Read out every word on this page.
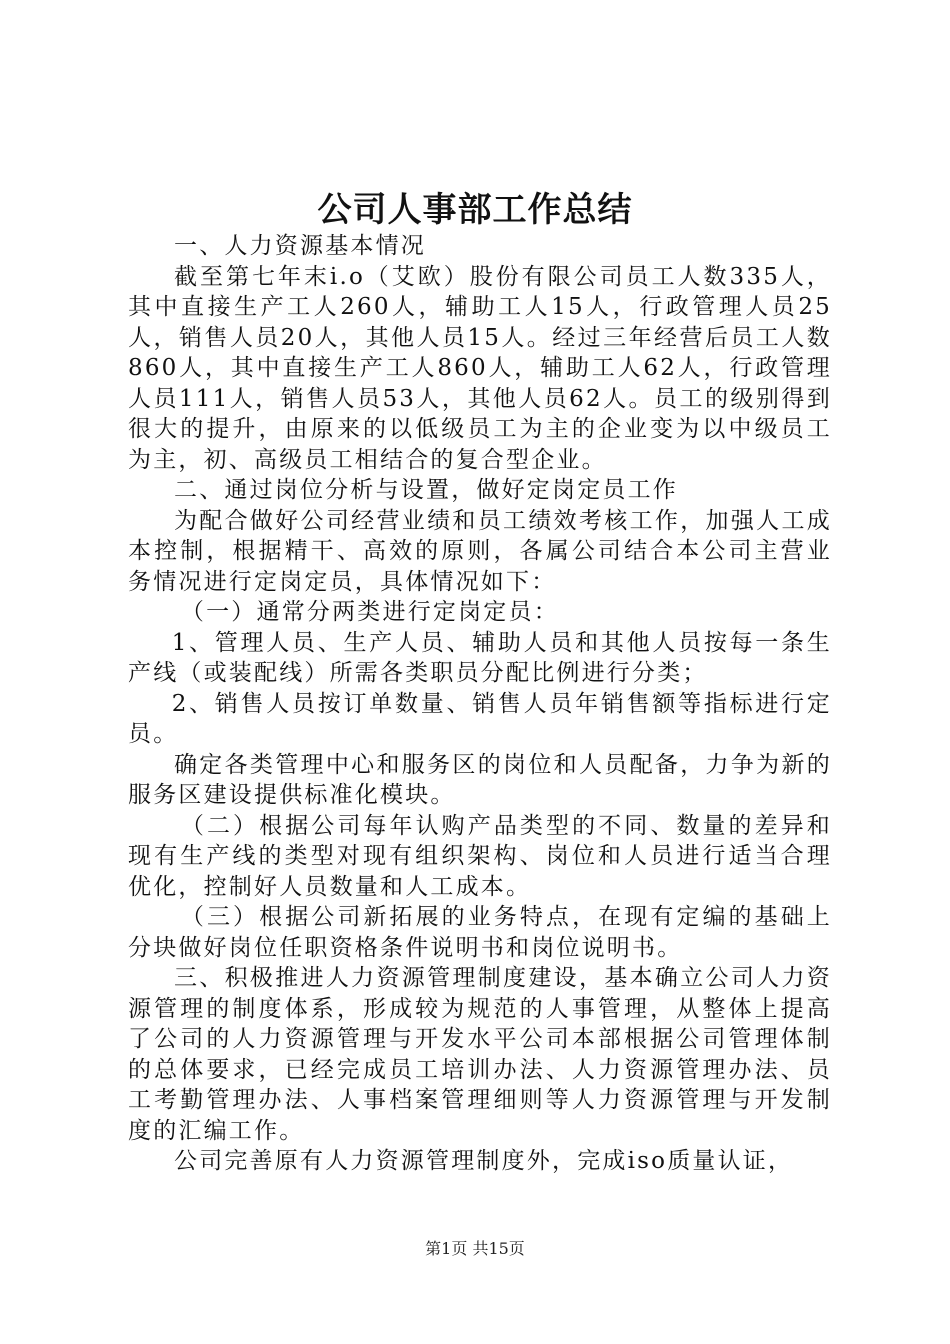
公司人事部工作总结

一、人力资源基本情况

截至第七年末i.o（艾欧）股份有限公司员工人数335人，其中直接生产工人260人，辅助工人15人，行政管理人员25人，销售人员20人，其他人员15人。经过三年经营后员工人数860人，其中直接生产工人860人，辅助工人62人，行政管理人员111人，销售人员53人，其他人员62人。员工的级别得到很大的提升，由原来的以低级员工为主的企业变为以中级员工为主，初、高级员工相结合的复合型企业。

二、通过岗位分析与设置，做好定岗定员工作

为配合做好公司经营业绩和员工绩效考核工作，加强人工成本控制，根据精干、高效的原则，各属公司结合本公司主营业务情况进行定岗定员，具体情况如下：

（一）通常分两类进行定岗定员：

1、管理人员、生产人员、辅助人员和其他人员按每一条生产线（或装配线）所需各类职员分配比例进行分类；

2、销售人员按订单数量、销售人员年销售额等指标进行定员。

确定各类管理中心和服务区的岗位和人员配备，力争为新的服务区建设提供标准化模块。

（二）根据公司每年认购产品类型的不同、数量的差异和现有生产线的类型对现有组织架构、岗位和人员进行适当合理优化，控制好人员数量和人工成本。

（三）根据公司新拓展的业务特点，在现有定编的基础上分块做好岗位任职资格条件说明书和岗位说明书。

三、积极推进人力资源管理制度建设，基本确立公司人力资源管理的制度体系，形成较为规范的人事管理，从整体上提高了公司的人力资源管理与开发水平公司本部根据公司管理体制的总体要求，已经完成员工培训办法、人力资源管理办法、员工考勤管理办法、人事档案管理细则等人力资源管理与开发制度的汇编工作。

公司完善原有人力资源管理制度外，完成iso质量认证，

第1页 共15页
